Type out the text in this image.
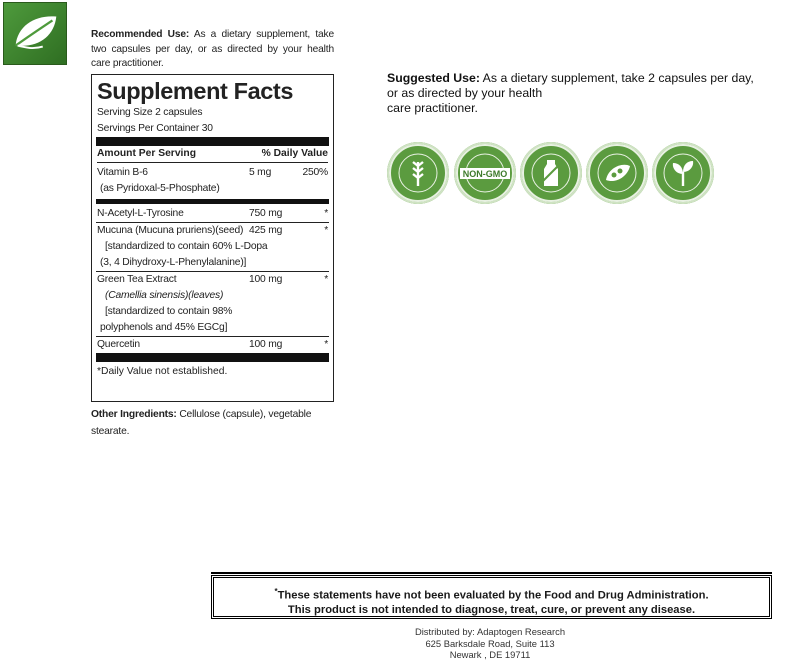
Recommended Use: As a dietary supplement, take two capsules per day, or as directed by your health care practitioner.
Supplement Facts
Serving Size 2 capsules
Servings Per Container 30
Amount Per Serving	% Daily Value
Vitamin B-6	5 mg	250%
(as Pyridoxal-5-Phosphate)
N-Acetyl-L-Tyrosine	750 mg	*
Mucuna (Mucuna pruriens)(seed) 425 mg	*
[standardized to contain 60% L-Dopa
(3, 4 Dihydroxy-L-Phenylalanine)]
Green Tea Extract	100 mg	*
(Camellia sinensis)(leaves)
[standardized to contain 98%
polyphenols and 45% EGCg]
Quercetin	100 mg	*
*Daily Value not established.
Other Ingredients: Cellulose (capsule), vegetable stearate.
Suggested Use: As a dietary supplement, take 2 capsules per day,
or as directed by your health
care practitioner.
NON-GMO
*These statements have not been evaluated by the Food and Drug Administration.
This product is not intended to diagnose, treat, cure, or prevent any disease.
Distributed by: Adaptogen Research
625 Barksdale Road, Suite 113
Newark , DE 19711
